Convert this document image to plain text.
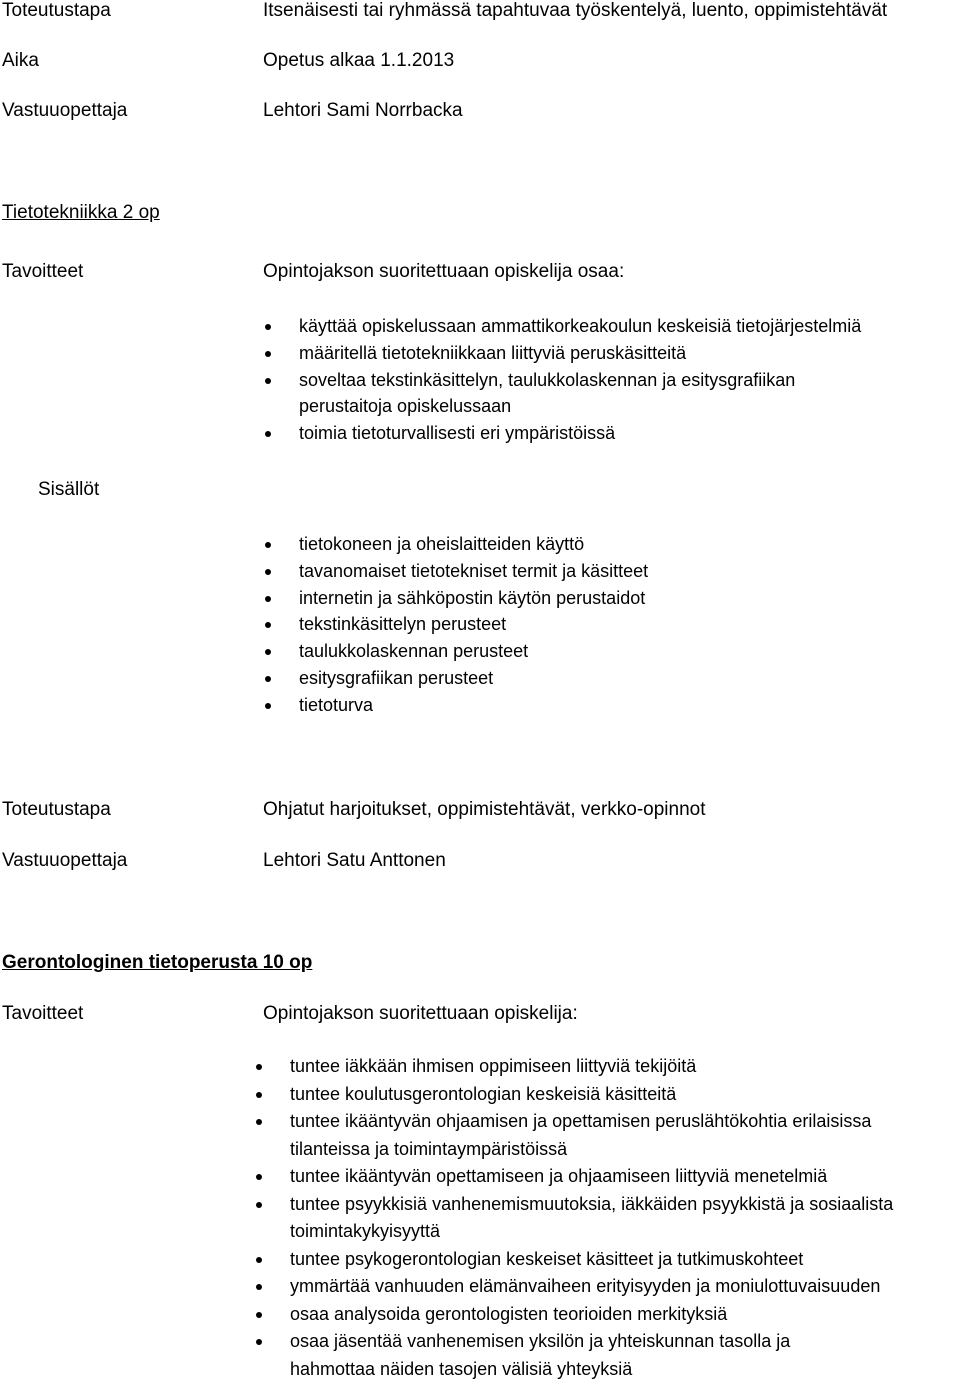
Toteutustapa	Itsenäisesti tai ryhmässä tapahtuvaa työskentelyä, luento, oppimistehtävät
Aika	Opetus alkaa 1.1.2013
Vastuuopettaja	Lehtori Sami Norrbacka
Tietotekniikka 2 op
Tavoitteet	Opintojakson suoritettuaan opiskelija osaa:
käyttää opiskelussaan ammattikorkeakoulun keskeisiä tietojärjestelmiä
määritellä tietotekniikkaan liittyviä peruskäsitteitä
soveltaa tekstinkäsittelyn, taulukkolaskennan ja esitysgrafiikan
perustaitoja opiskelussaan
toimia tietoturvallisesti eri ympäristöissä
Sisällöt
tietokoneen ja oheislaitteiden käyttö
tavanomaiset tietotekniset termit ja käsitteet
internetin ja sähköpostin käytön perustaidot
tekstinkäsittelyn perusteet
taulukkolaskennan perusteet
esitysgrafiikan perusteet
tietoturva
Toteutustapa	Ohjatut harjoitukset, oppimistehtävät, verkko-opinnot
Vastuuopettaja	Lehtori Satu Anttonen
Gerontologinen tietoperusta 10 op
Tavoitteet	Opintojakson suoritettuaan opiskelija:
tuntee iäkkään ihmisen oppimiseen liittyviä tekijöitä
tuntee koulutusgerontologian keskeisiä käsitteitä
tuntee ikääntyvän ohjaamisen ja opettamisen peruslähtökohtia erilaisissa
tilanteissa ja toimintaympäristöissä
tuntee ikääntyvän opettamiseen ja ohjaamiseen liittyviä menetelmiä
tuntee psyykkisiä vanhenemismuutoksia, iäkkäiden psyykkistä ja sosiaalista
toimintakykyisyyttä
tuntee psykogerontologian keskeiset käsitteet ja tutkimuskohteet
ymmärtää vanhuuden elämänvaiheen erityisyyden ja moniulottuvaisuuden
osaa analysoida gerontologisten teorioiden merkityksiä
osaa jäsentää vanhenemisen yksilön ja yhteiskunnan tasolla ja
hahmottaa näiden tasojen välisiä yhteyksiä
